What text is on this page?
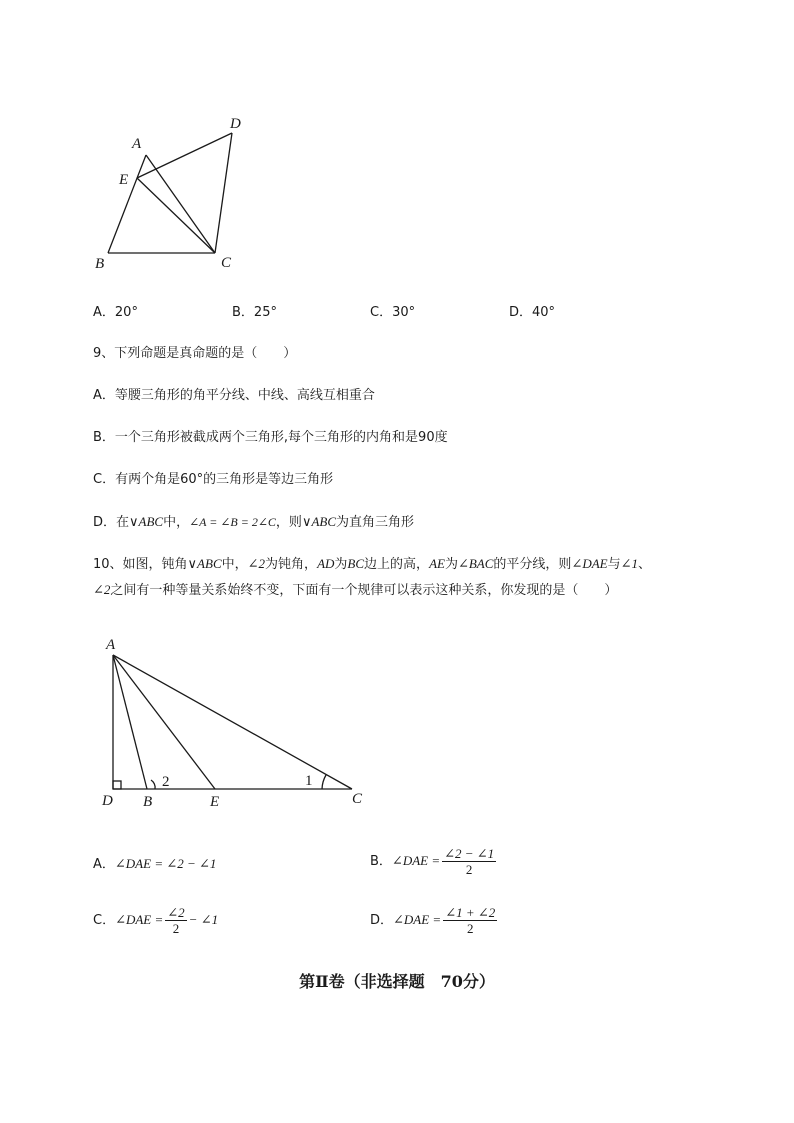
A
D
E
B	C
A．20°	B．25°	C．30°	D．40°
9、下列命题是真命题的是（　　）
A．等腰三角形的角平分线、中线、高线互相重合
B．一个三角形被截成两个三角形,每个三角形的内角和是90度
C．有两个角是60°的三角形是等边三角形
D．在∨ABC中，∠A = ∠B = 2∠C，则∨ABC为直角三角形
10、如图，钝角∨ABC中，∠2为钝角，AD为BC边上的高，AE为∠BAC的平分线，则∠DAE与∠1、
∠2之间有一种等量关系始终不变，下面有一个规律可以表示这种关系，你发现的是（　　）
A
D B	E	C
2	1
A．∠DAE = ∠2 − ∠1	B．∠DAE = $\frac{\angle 2 - \angle 1}{2}$
C．∠DAE = $\frac{\angle 2}{2}$ − ∠1	D．∠DAE = $\frac{\angle 1 + \angle 2}{2}$
第Ⅱ卷（非选择题　70分）
